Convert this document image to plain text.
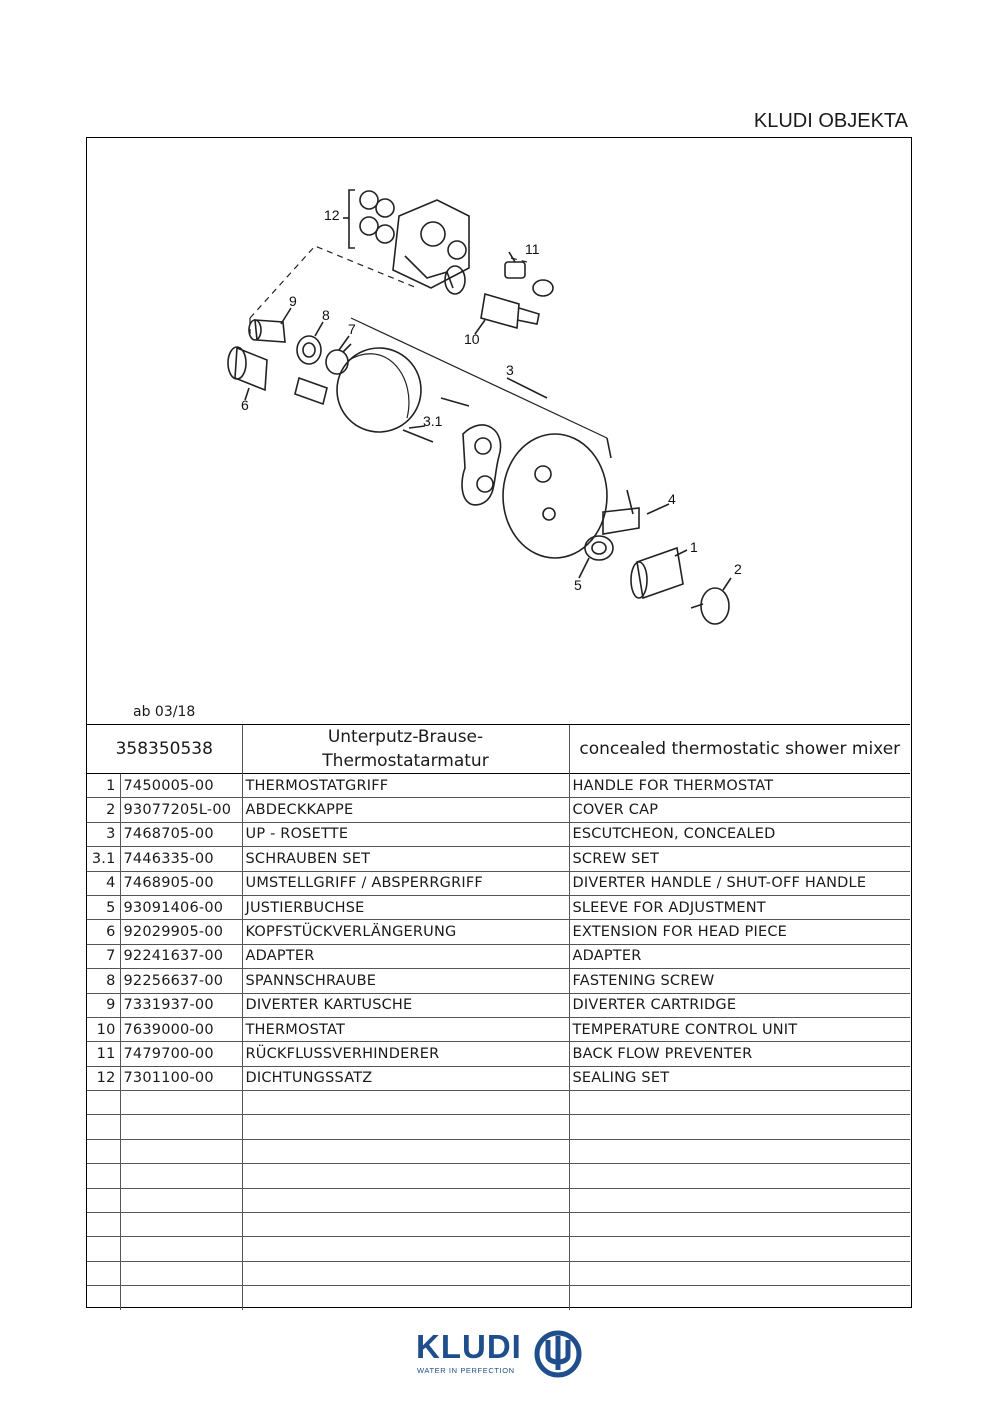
KLUDI OBJEKTA
12
11
9
8
7
10
3
6
3.1
4
1
2
5
ab 03/18
358350538		Unterputz-Brause-Thermostatarmatur	concealed thermostatic shower mixer
1	7450005-00	THERMOSTATGRIFF	HANDLE FOR THERMOSTAT
2	93077205L-00	ABDECKKAPPE	COVER CAP
3	7468705-00	UP - ROSETTE	ESCUTCHEON, CONCEALED
3.1	7446335-00	SCHRAUBEN SET	SCREW SET
4	7468905-00	UMSTELLGRIFF / ABSPERRGRIFF	DIVERTER HANDLE / SHUT-OFF HANDLE
5	93091406-00	JUSTIERBUCHSE	SLEEVE FOR ADJUSTMENT
6	92029905-00	KOPFSTÜCKVERLÄNGERUNG	EXTENSION FOR HEAD PIECE
7	92241637-00	ADAPTER	ADAPTER
8	92256637-00	SPANNSCHRAUBE	FASTENING SCREW
9	7331937-00	DIVERTER KARTUSCHE	DIVERTER CARTRIDGE
10	7639000-00	THERMOSTAT	TEMPERATURE CONTROL UNIT
11	7479700-00	RÜCKFLUSSVERHINDERER	BACK FLOW PREVENTER
12	7301100-00	DICHTUNGSSATZ	SEALING SET

KLUDI
WATER IN PERFECTION
